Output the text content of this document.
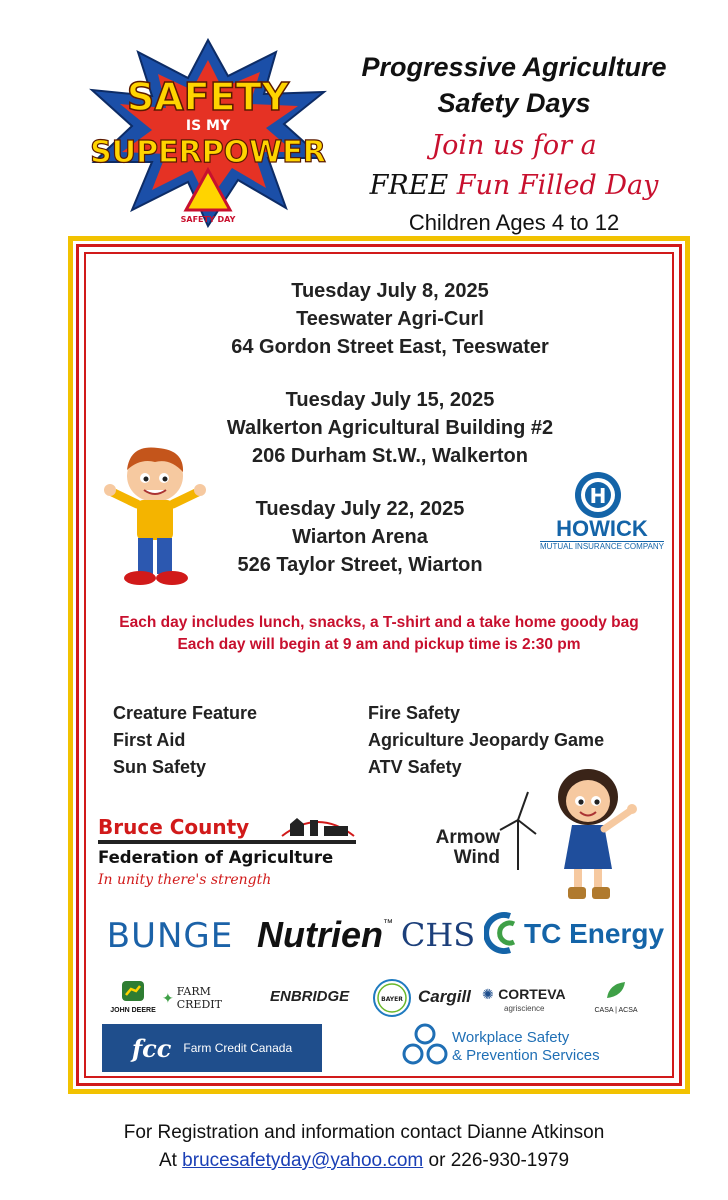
SAFETY
IS MY
SUPERPOWER
SAFETY DAY
Progressive Agriculture
Safety Days
Join us for a
FREE Fun Filled Day
Children Ages 4 to 12
Tuesday July 8, 2025
Teeswater Agri-Curl
64 Gordon Street East, Teeswater
Tuesday July 15, 2025
Walkerton Agricultural Building #2
206 Durham St.W., Walkerton
Tuesday July 22, 2025
Wiarton Arena
526 Taylor Street, Wiarton
H
HOWICK
MUTUAL INSURANCE COMPANY
Each day includes lunch, snacks, a T-shirt and a take home goody bag
Each day will begin at 9 am and pickup time is 2:30 pm
Creature Feature
First Aid
Sun Safety
Fire Safety
Agriculture Jeopardy Game
ATV Safety
Bruce County
Federation of Agriculture
In unity there's strength
Armow
Wind
BUNGE Nutrien ™ CHS TC Energy
JOHN DEERE
✦ FARM CREDIT	ENBRIDGE	BAYER Cargill ✺ CORTEVA
agriscience	CASA | ACSA
fcc Farm Credit Canada
Workplace Safety
& Prevention Services
For Registration and information contact Dianne Atkinson
At brucesafetyday@yahoo.com or 226-930-1979
